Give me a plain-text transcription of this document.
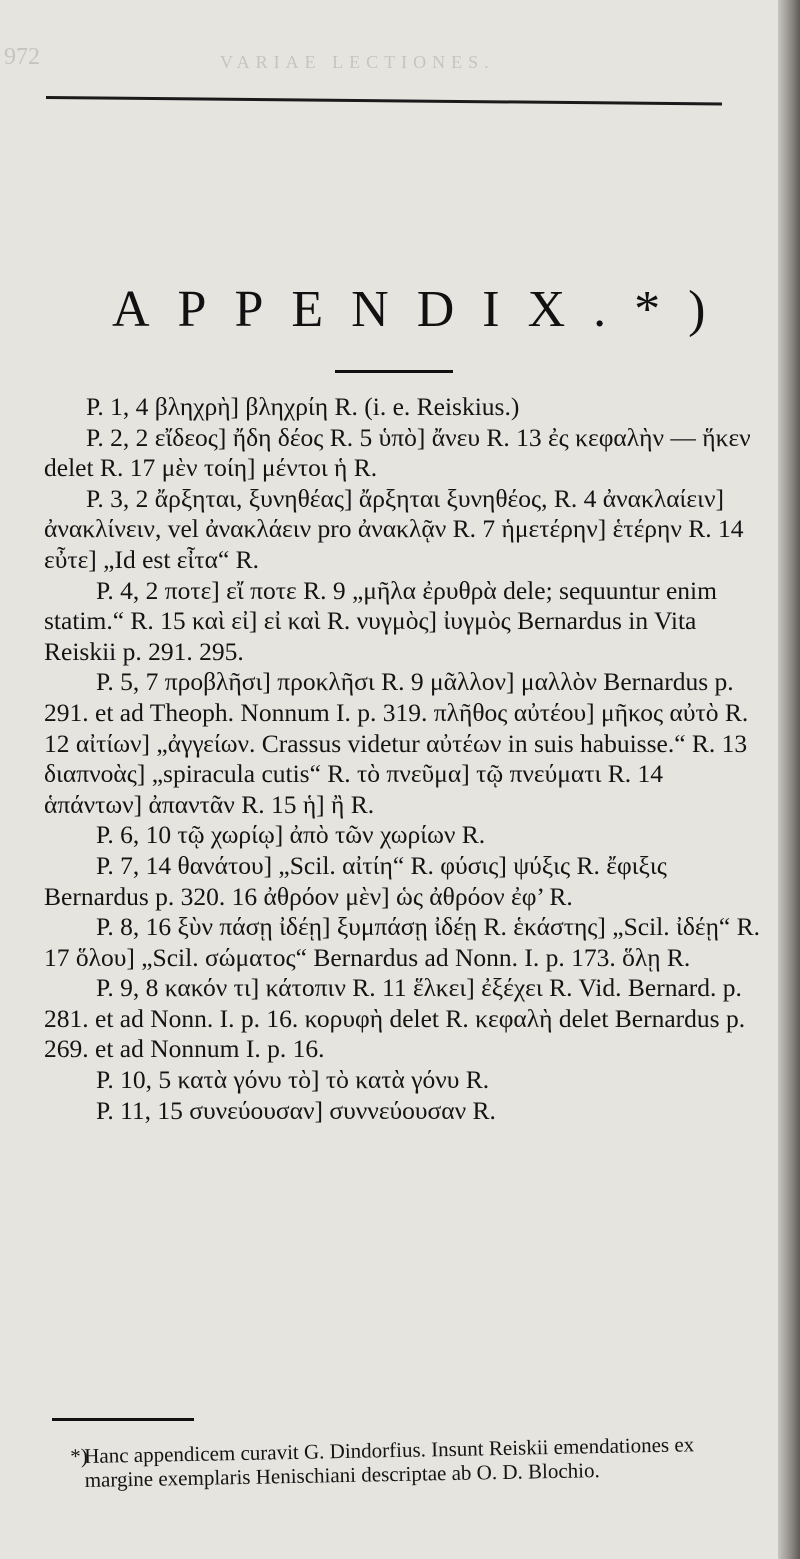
972	VARIAE LECTIONES.
APPENDIX.*)

P. 1, 4 βληχρὴ] βληχρίη R. (i. e. Reiskius.)

P. 2, 2 εἴδεος] ἤδη δέος R. 5 ὑπὸ] ἄνευ R. 13 ἐς κεφαλὴν — ἥκεν delet R. 17 μὲν τοίη] μέντοι ἡ R.

P. 3, 2 ἄρξηται, ξυνηθέας] ἄρξηται ξυνηθέος, R. 4 ἀνακλαίειν] ἀνακλίνειν, vel ἀνακλάειν pro ἀνακλᾷν R. 7 ἡμετέρην] ἑτέρην R. 14 εὖτε] „Id est εἶτα“ R.

P. 4, 2 ποτε] εἴ ποτε R. 9 „μῆλα ἐρυθρὰ dele; sequuntur enim statim.“ R. 15 καὶ εἰ] εἰ καὶ R. νυγμὸς] ἰυγμὸς Bernardus in Vita Reiskii p. 291. 295.

P. 5, 7 προβλῆσι] προκλῆσι R. 9 μᾶλλον] μαλλὸν Bernardus p. 291. et ad Theoph. Nonnum I. p. 319. πλῆθος αὐτέου] μῆκος αὐτὸ R. 12 αἰτίων] „ἀγγείων. Crassus videtur αὐτέων in suis habuisse.“ R. 13 διαπνοὰς] „spiracula cutis“ R. τὸ πνεῦμα] τῷ πνεύματι R. 14 ἁπάντων] ἀπαντᾶν R. 15 ἡ] ἢ R.

P. 6, 10 τῷ χωρίῳ] ἀπὸ τῶν χωρίων R.

P. 7, 14 θανάτου] „Scil. αἰτίη“ R. φύσις] ψύξις R. ἔφιξις Bernardus p. 320. 16 ἀθρόον μὲν] ὡς ἀθρόον ἐφ’ R.

P. 8, 16 ξὺν πάσῃ ἰδέῃ] ξυμπάσῃ ἰδέῃ R. ἑκάστης] „Scil. ἰδέῃ“ R. 17 ὅλου] „Scil. σώματος“ Bernardus ad Nonn. I. p. 173. ὅλῃ R.

P. 9, 8 κακόν τι] κάτοπιν R. 11 ἕλκει] ἐξέχει R. Vid. Bernard. p. 281. et ad Nonn. I. p. 16. κορυφὴ delet R. κεφαλὴ delet Bernardus p. 269. et ad Nonnum I. p. 16.

P. 10, 5 κατὰ γόνυ τὸ] τὸ κατὰ γόνυ R.

P. 11, 15 συνεύουσαν] συννεύουσαν R.

*)
Hanc appendicem curavit G. Dindorfius. Insunt Reiskii emendationes ex margine exemplaris Henischiani descriptae ab O. D. Blochio.
